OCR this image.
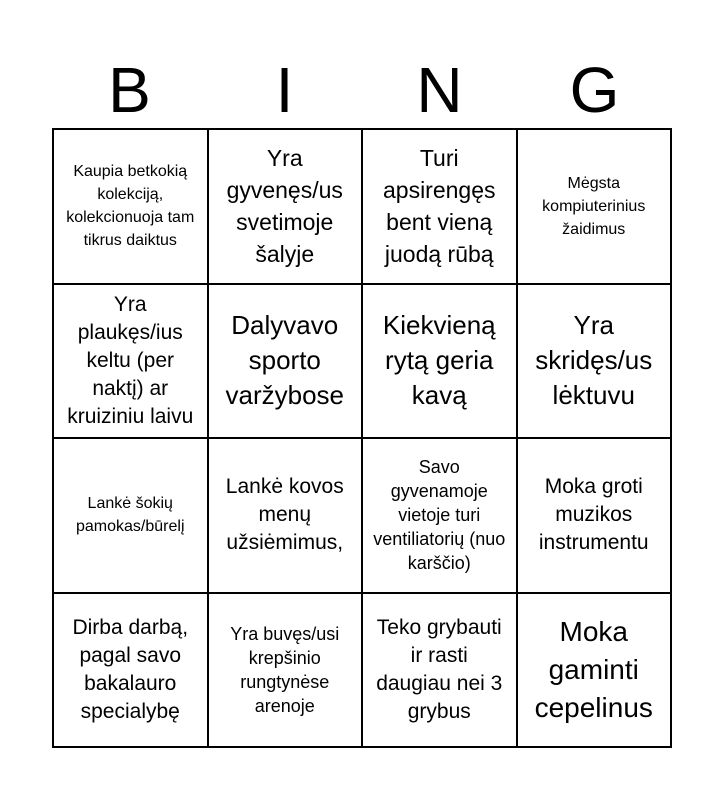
B	I	N	G
Kaupia betkokią kolekciją, kolekcionuoja tam tikrus daiktus
Yra gyvenęs/us svetimoje šalyje
Turi apsirengęs bent vieną juodą rūbą
Mėgsta kompiuterinius žaidimus
Yra plaukęs/ius keltu (per naktį) ar kruiziniu laivu
Dalyvavo sporto varžybose
Kiekvieną rytą geria kavą
Yra skridęs/us lėktuvu
Lankė šokių pamokas/būrelį
Lankė kovos menų užsiėmimus,
Savo gyvenamoje vietoje turi ventiliatorių (nuo karščio)
Moka groti muzikos instrumentu
Dirba darbą, pagal savo bakalauro specialybę
Yra buvęs/usi krepšinio rungtynėse arenoje
Teko grybauti ir rasti daugiau nei 3 grybus
Moka gaminti cepelinus
